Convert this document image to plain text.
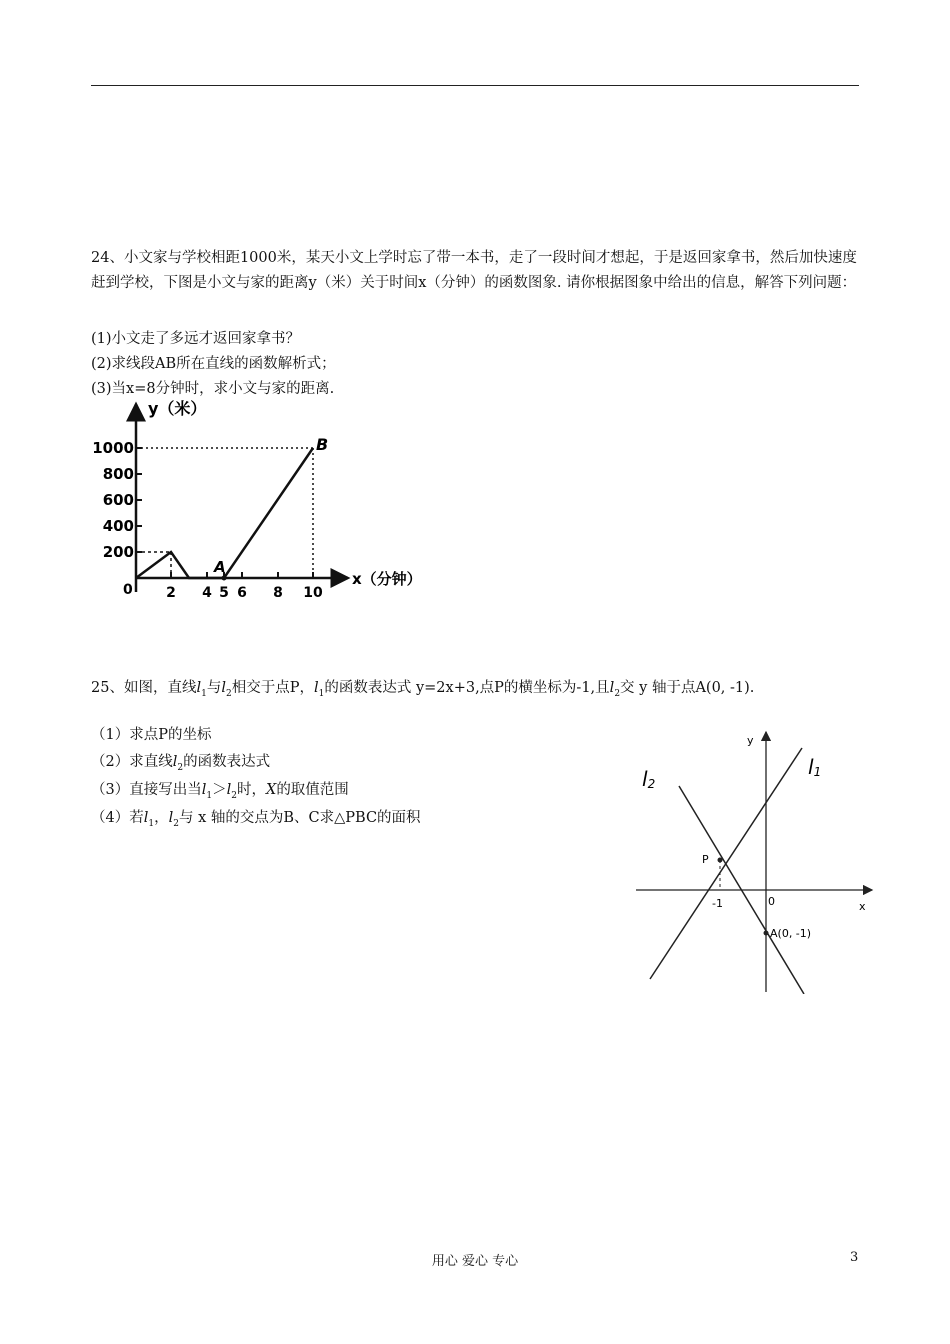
24、小文家与学校相距1000米，某天小文上学时忘了带一本书，走了一段时间才想起，于是返回家拿书，然后加快速度赶到学校，下图是小文与家的距离y（米）关于时间x（分钟）的函数图象. 请你根据图象中给出的信息，解答下列问题：
(1)小文走了多远才返回家拿书？
(2)求线段AB所在直线的函数解析式；
(3)当x=8分钟时，求小文与家的距离.
y（米）
x（分钟）
0
1000
800
600
400
200
2 4 5 6 8 10
A
B
25、如图，直线$l_1$与$l_2$相交于点P，$l_1$的函数表达式 y=2x+3,点P的横坐标为-1,且$l_2$交 y 轴于点A(0, -1).
（1）求点P的坐标
（2）求直线$l_2$的函数表达式
（3）直接写出当$l_1>l_2$时，X的取值范围
（4）若$l_1$，$l_2$与 x 轴的交点为B、C求△PBC的面积
y
x
l1
l2
P
-1	0
A(0, -1)
用心 爱心 专心	3
